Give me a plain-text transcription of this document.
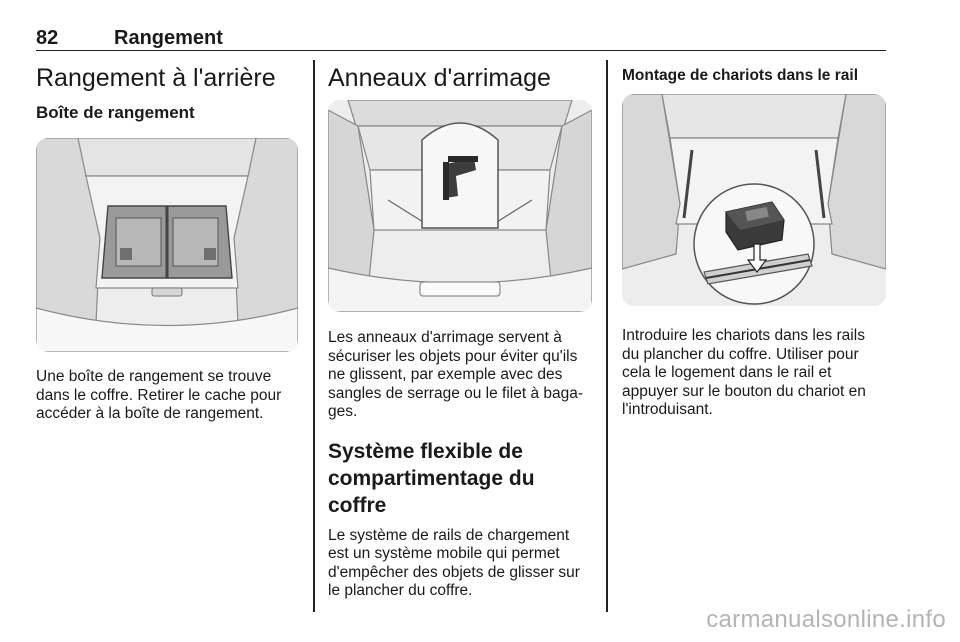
82	Rangement
Rangement à l'arrière
Boîte de rangement

Une boîte de rangement se trouve dans le coffre. Retirer le cache pour accéder à la boîte de rangement.

Anneaux d'arrimage

Les anneaux d'arrimage servent à sécuriser les objets pour éviter qu'ils ne glissent, par exemple avec des sangles de serrage ou le filet à baga-ges.

Système flexible de compartimentage du coffre

Le système de rails de chargement est un système mobile qui permet d'empêcher des objets de glisser sur le plancher du coffre.

Montage de chariots dans le rail

Introduire les chariots dans les rails du plancher du coffre. Utiliser pour cela le logement dans le rail et appuyer sur le bouton du chariot en l'introduisant.

carmanualsonline.info
